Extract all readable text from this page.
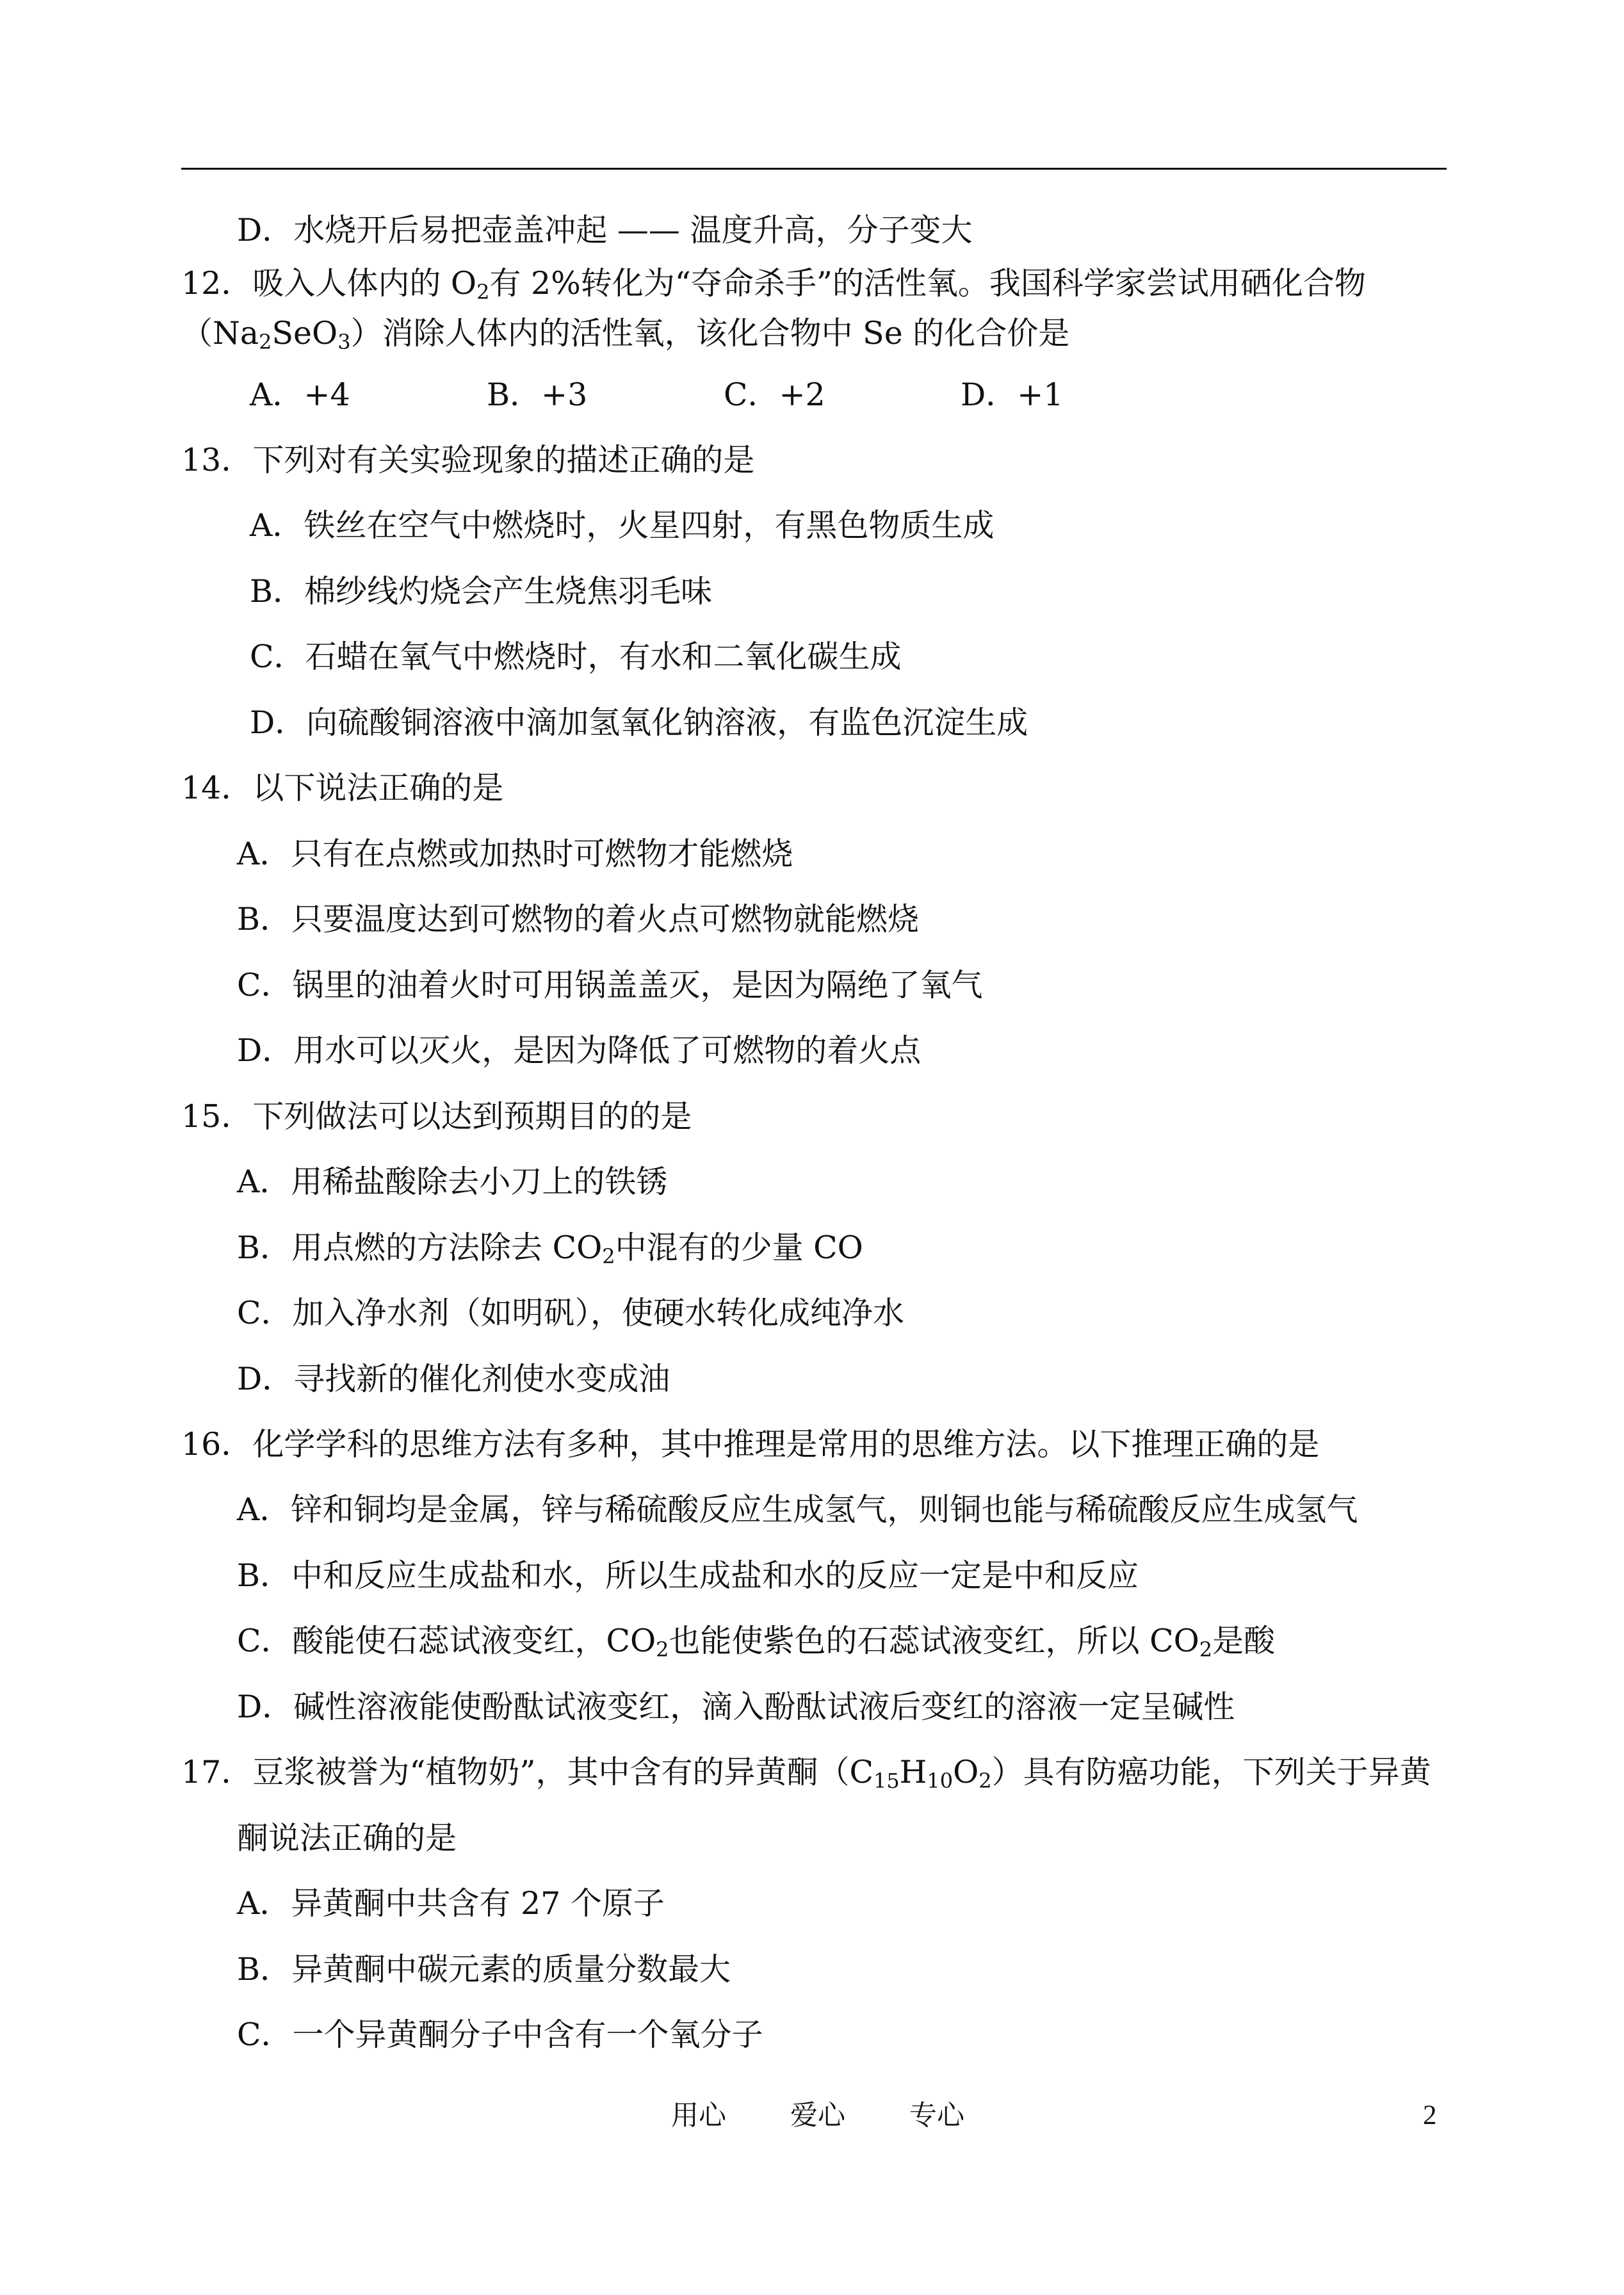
D．水烧开后易把壶盖冲起 —— 温度升高，分子变大
12．吸入人体内的 $O_2$有 2%转化为“夺命杀手”的活性氧。我国科学家尝试用硒化合物
$(Na_2SeO_3)$消除人体内的活性氧，该化合物中 Se 的化合价是
A．+4	B．+3	C．+2	D．+1
13．下列对有关实验现象的描述正确的是
A．铁丝在空气中燃烧时，火星四射，有黑色物质生成
B．棉纱线灼烧会产生烧焦羽毛味
C．石蜡在氧气中燃烧时，有水和二氧化碳生成
D．向硫酸铜溶液中滴加氢氧化钠溶液，有监色沉淀生成
14．以下说法正确的是
A．只有在点燃或加热时可燃物才能燃烧
B．只要温度达到可燃物的着火点可燃物就能燃烧
C．锅里的油着火时可用锅盖盖灭，是因为隔绝了氧气
D．用水可以灭火，是因为降低了可燃物的着火点
15．下列做法可以达到预期目的的是
A．用稀盐酸除去小刀上的铁锈
B．用点燃的方法除去 $CO_2$中混有的少量 CO
C．加入净水剂（如明矾），使硬水转化成纯净水
D．寻找新的催化剂使水变成油
16．化学学科的思维方法有多种，其中推理是常用的思维方法。以下推理正确的是
A．锌和铜均是金属，锌与稀硫酸反应生成氢气，则铜也能与稀硫酸反应生成氢气
B．中和反应生成盐和水，所以生成盐和水的反应一定是中和反应
C．酸能使石蕊试液变红，$CO_2$也能使紫色的石蕊试液变红，所以 $CO_2$是酸
D．碱性溶液能使酚酞试液变红，滴入酚酞试液后变红的溶液一定呈碱性
17．豆浆被誉为“植物奶”，其中含有的异黄酮$(C_{15}H_{10}O_2)$具有防癌功能，下列关于异黄
酮说法正确的是
A．异黄酮中共含有 27 个原子
B．异黄酮中碳元素的质量分数最大
C．一个异黄酮分子中含有一个氧分子
用心 爱心 专心	2
